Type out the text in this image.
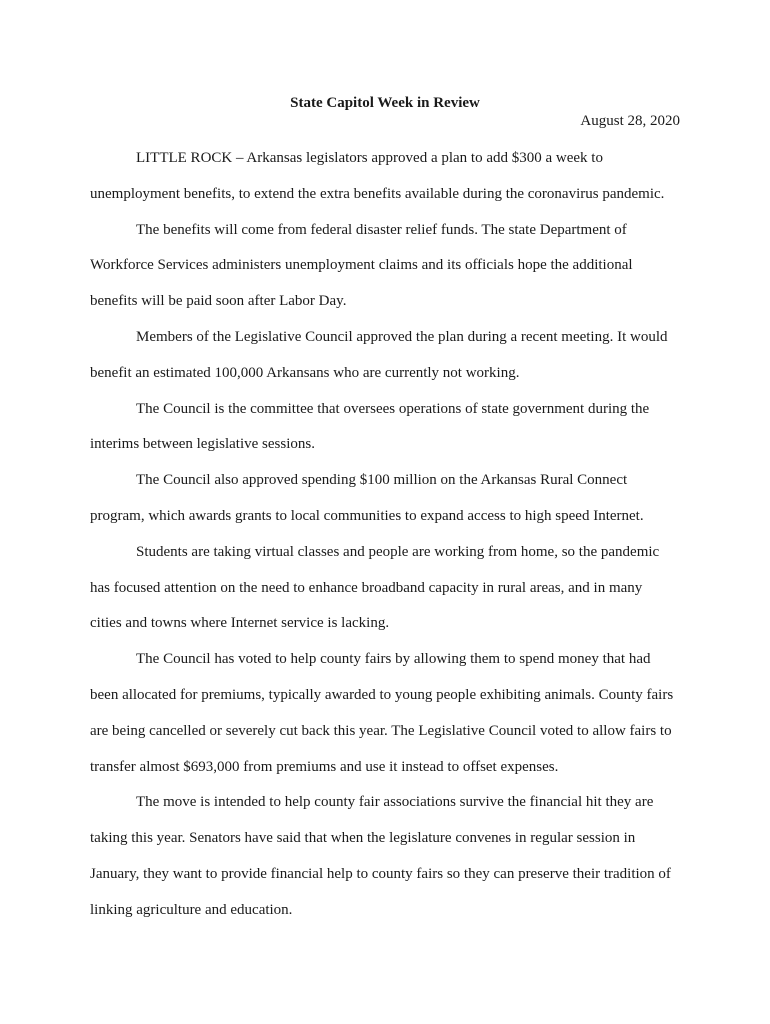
State Capitol Week in Review
August 28, 2020

LITTLE ROCK – Arkansas legislators approved a plan to add $300 a week to
unemployment benefits, to extend the extra benefits available during the coronavirus pandemic.

The benefits will come from federal disaster relief funds. The state Department of
Workforce Services administers unemployment claims and its officials hope the additional
benefits will be paid soon after Labor Day.

Members of the Legislative Council approved the plan during a recent meeting. It would
benefit an estimated 100,000 Arkansans who are currently not working.

The Council is the committee that oversees operations of state government during the
interims between legislative sessions.

The Council also approved spending $100 million on the Arkansas Rural Connect
program, which awards grants to local communities to expand access to high speed Internet.

Students are taking virtual classes and people are working from home, so the pandemic
has focused attention on the need to enhance broadband capacity in rural areas, and in many
cities and towns where Internet service is lacking.

The Council has voted to help county fairs by allowing them to spend money that had
been allocated for premiums, typically awarded to young people exhibiting animals. County fairs
are being cancelled or severely cut back this year. The Legislative Council voted to allow fairs to
transfer almost $693,000 from premiums and use it instead to offset expenses.

The move is intended to help county fair associations survive the financial hit they are
taking this year. Senators have said that when the legislature convenes in regular session in
January, they want to provide financial help to county fairs so they can preserve their tradition of
linking agriculture and education.
